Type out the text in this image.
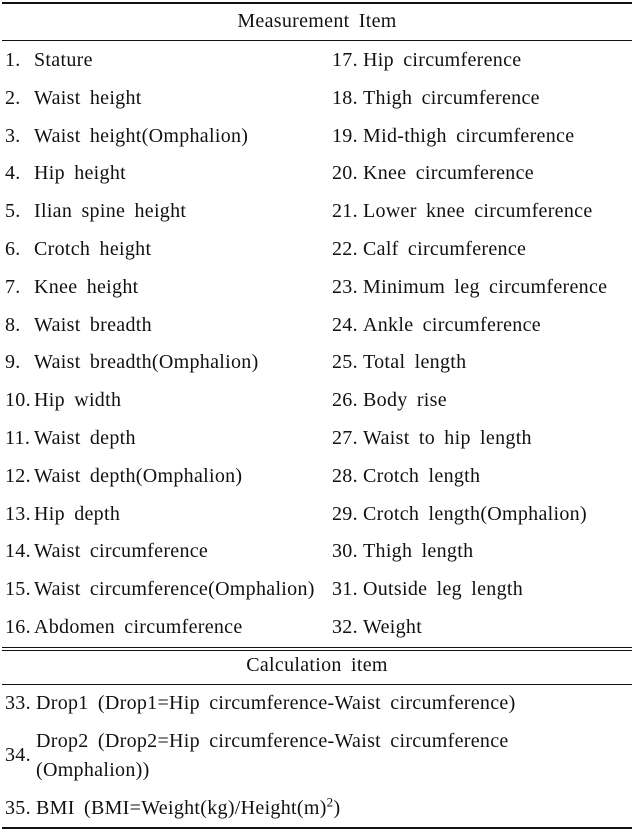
Measurement Item
1. Stature
2. Waist height
3. Waist height(Omphalion)
4. Hip height
5. Ilian spine height
6. Crotch height
7. Knee height
8. Waist breadth
9. Waist breadth(Omphalion)
10. Hip width
11. Waist depth
12. Waist depth(Omphalion)
13. Hip depth
14. Waist circumference
15. Waist circumference(Omphalion)
16. Abdomen circumference
17. Hip circumference
18. Thigh circumference
19. Mid-thigh circumference
20. Knee circumference
21. Lower knee circumference
22. Calf circumference
23. Minimum leg circumference
24. Ankle circumference
25. Total length
26. Body rise
27. Waist to hip length
28. Crotch length
29. Crotch length(Omphalion)
30. Thigh length
31. Outside leg length
32. Weight
Calculation item
33. Drop1 (Drop1=Hip circumference-Waist circumference)
34.
Drop2 (Drop2=Hip circumference-Waist circumference
(Omphalion))
35. BMI $(BMI=Weight(kg)/Height(m)^2)$
